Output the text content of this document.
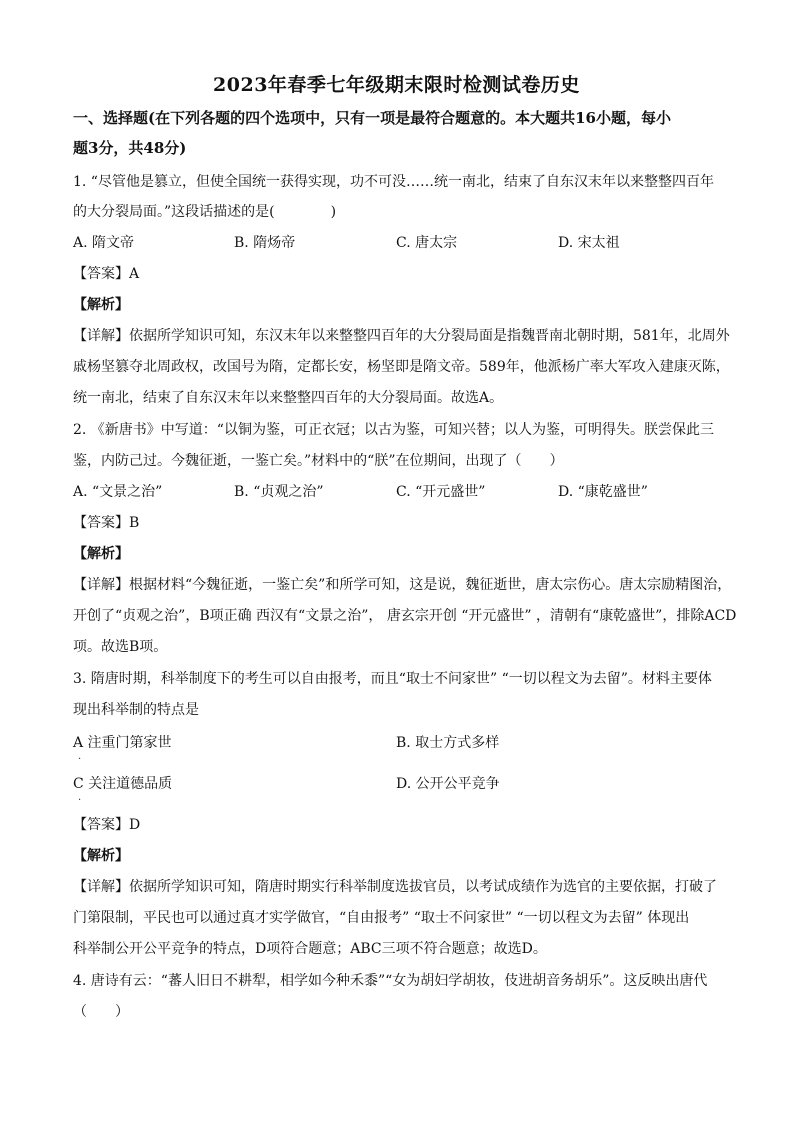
2023年春季七年级期末限时检测试卷历史
一、选择题(在下列各题的四个选项中，只有一项是最符合题意的。本大题共16小题，每小
题3分，共48分)
1. “尽管他是篡立，但使全国统一获得实现，功不可没……统一南北，结束了自东汉末年以来整整四百年
的大分裂局面。”这段话描述的是(　　　　)
A. 隋文帝	B. 隋炀帝	C. 唐太宗	D. 宋太祖
【答案】A
【解析】
【详解】依据所学知识可知，东汉末年以来整整四百年的大分裂局面是指魏晋南北朝时期，581年，北周外
戚杨坚篡夺北周政权，改国号为隋，定都长安，杨坚即是隋文帝。589年，他派杨广率大军攻入建康灭陈，
统一南北，结束了自东汉末年以来整整四百年的大分裂局面。故选A。
2. 《新唐书》中写道：“以铜为鉴，可正衣冠；以古为鉴，可知兴替；以人为鉴，可明得失。朕尝保此三
鉴，内防己过。今魏征逝，一鉴亡矣。”材料中的“朕”在位期间，出现了（　　）
A. “文景之治”	B. “贞观之治”	C. “开元盛世”	D. “康乾盛世”
【答案】B
【解析】
【详解】根据材料“今魏征逝，一鉴亡矣”和所学可知，这是说，魏征逝世，唐太宗伤心。唐太宗励精图治，
开创了“贞观之治”，B项正确 西汉有“文景之治”， 唐玄宗开创 “开元盛世” ，清朝有“康乾盛世”，排除ACD
项。故选B项。
3. 隋唐时期，科举制度下的考生可以自由报考，而且“取士不问家世” “一切以程文为去留”。材料主要体
现出科举制的特点是
A 注重门第家世
·
B. 取士方式多样
C 关注道德品质
·
D. 公开公平竞争
【答案】D
【解析】
【详解】依据所学知识可知，隋唐时期实行科举制度选拔官员，以考试成绩作为选官的主要依据，打破了
门第限制，平民也可以通过真才实学做官，“自由报考” “取士不问家世” “一切以程文为去留” 体现出
科举制公开公平竞争的特点，D项符合题意；ABC三项不符合题意；故选D。
4. 唐诗有云：“蕃人旧日不耕犁，相学如今种禾黍”“女为胡妇学胡妆，伎进胡音务胡乐”。这反映出唐代
（　　）
